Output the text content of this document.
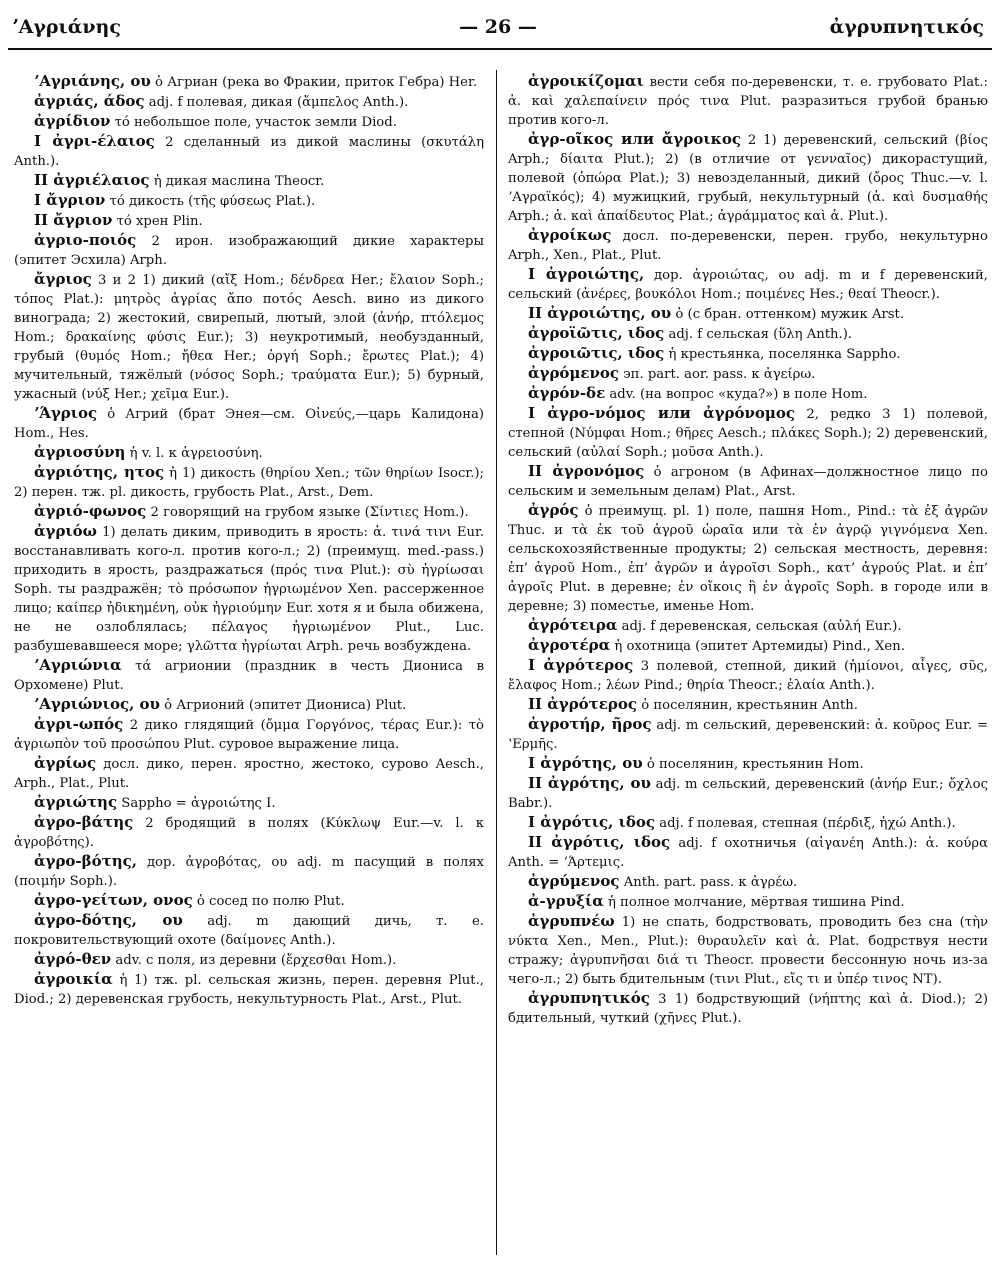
ʼΑγριάνης	— 26 —	ἀγρυπνητικός

ʼΑγριάνης, ου ὁ Агриан (река во Фракии, приток Гебра) Her.

ἀγριάς, άδος adj. f полевая, дикая (ἄμπελος Anth.).

ἀγρίδιον τό небольшое поле, участок земли Diod.

I ἀγρι-έλαιος 2 сделанный из дикой маслины (σκυτάλη Anth.).

II ἀγριέλαιος ἡ дикая маслина Theocr.

I ἄγριον τό дикость (τῆς φύσεως Plat.).

II ἄγριον τό хрен Plin.

ἀγριο-ποιός 2 ирон. изображающий дикие характеры (эпитет Эсхила) Arph.

ἄγριος 3 и 2 1) дикий (αἴξ Hom.; δένδρεα Her.; ἔλαιον Soph.; τόπος Plat.): μητρὸς ἀγρίας ἄπο ποτός Aesch. вино из дикого винограда; 2) жестокий, свирепый, лютый, злой (ἀνήρ, πτόλεμος Hom.; δρακαίνης φύσις Eur.); 3) неукротимый, необузданный, грубый (θυμός Hom.; ἤθεα Her.; ὀργή Soph.; ἔρωτες Plat.); 4) мучительный, тяжёлый (νόσος Soph.; τραύματα Eur.); 5) бурный, ужасный (νύξ Her.; χεῖμα Eur.).

ʼΆγριος ὁ Агрий (брат Энея—см. Οἰνεύς,—царь Калидона) Hom., Hes.

ἀγριοσύνη ἡ v. l. к ἀγρειοσύνη.

ἀγριότης, ητος ἡ 1) дикость (θηρίου Xen.; τῶν θηρίων Isocr.); 2) перен. тж. pl. дикость, грубость Plat., Arst., Dem.

ἀγριό-φωνος 2 говорящий на грубом языке (Σίντιες Hom.).

ἀγριόω 1) делать диким, приводить в ярость: ἀ. τινά τινι Eur. восстанавливать кого-л. против кого-л.; 2) (преимущ. med.-pass.) приходить в ярость, раздражаться (πρός τινα Plut.): σὺ ἠγρίωσαι Soph. ты раздражён; τὸ πρόσωπον ἠγριωμένον Xen. рассерженное лицо; καίπερ ἠδικημένη, οὐκ ἠγριούμην Eur. хотя я и была обижена, не не озлоблялась; πέλαγος ἠγριωμένον Plut., Luc. разбушевавшееся море; γλῶττα ἠγρίωται Arph. речь возбуждена.

ʼΑγριώνια τά агрионии (праздник в честь Диониса в Орхомене) Plut.

ʼΑγριώνιος, ου ὁ Агрионий (эпитет Диониса) Plut.

ἀγρι-ωπός 2 дико глядящий (ὄμμα Γοργόνος, τέρας Eur.): τὸ ἀγριωπὸν τοῦ προσώπου Plut. суровое выражение лица.

ἀγρίως досл. дико, перен. яростно, жестоко, сурово Aesch., Arph., Plat., Plut.

ἀγριώτης Sappho = ἀγροιώτης I.

ἀγρο-βάτης 2 бродящий в полях (Κύκλωψ Eur.—v. l. к ἀγροβότης).

ἀγρο-βότης, дор. ἀγροβότας, ου adj. m пасущий в полях (ποιμήν Soph.).

ἀγρο-γείτων, ονος ὁ сосед по полю Plut.

ἀγρο-δότης, ου adj. m дающий дичь, т. е. покровительствующий охоте (δαίμονες Anth.).

ἀγρό-θεν adv. с поля, из деревни (ἔρχεσθαι Hom.).

ἀγροικία ἡ 1) тж. pl. сельская жизнь, перен. деревня Plut., Diod.; 2) деревенская грубость, некультурность Plat., Arst., Plut.

ἀγροικίζομαι вести себя по-деревенски, т. е. грубовато Plat.: ἀ. καὶ χαλεπαίνειν πρός τινα Plut. разразиться грубой бранью против кого-л.

ἀγρ-οῖκος или ἄγροικος 2 1) деревенский, сельский (βίος Arph.; δίαιτα Plut.); 2) (в отличие от γενναῖος) дикорастущий, полевой (ὀπώρα Plat.); 3) невозделанный, дикий (ὄρος Thuc.—v. l. ʼΑγραϊκός); 4) мужицкий, грубый, некультурный (ἀ. καὶ δυσμαθής Arph.; ἀ. καὶ ἀπαίδευτος Plat.; ἀγράμματος καὶ ἀ. Plut.).

ἀγροίκως досл. по-деревенски, перен. грубо, некультурно Arph., Xen., Plat., Plut.

I ἀγροιώτης, дор. ἀγροιώτας, ου adj. m и f деревенский, сельский (ἀνέρες, βουκόλοι Hom.; ποιμένες Hes.; θεαί Theocr.).

II ἀγροιώτης, ου ὁ (с бран. оттенком) мужик Arst.

ἀγροϊῶτις, ιδος adj. f сельская (ὕλη Anth.).

ἀγροιῶτις, ιδος ἡ крестьянка, поселянка Sappho.

ἀγρόμενος эп. part. aor. pass. к ἀγείρω.

ἀγρόν-δε adv. (на вопрос «куда?») в поле Hom.

I ἀγρο-νόμος или ἀγρόνομος 2, редко 3 1) полевой, степной (Νύμφαι Hom.; θῆρες Aesch.; πλάκες Soph.); 2) деревенский, сельский (αὐλαί Soph.; μοῦσα Anth.).

II ἀγρονόμος ὁ агроном (в Афинах—должностное лицо по сельским и земельным делам) Plat., Arst.

ἀγρός ὁ преимущ. pl. 1) поле, пашня Hom., Pind.: τὰ ἐξ ἀγρῶν Thuc. и τὰ ἐκ τοῦ ἀγροῦ ὡραῖα или τὰ ἐν ἀγρῷ γιγνόμενα Xen. сельскохозяйственные продукты; 2) сельская местность, деревня: ἐπ’ ἀγροῦ Hom., ἐπ’ ἀγρῶν и ἀγροῖσι Soph., κατ’ ἀγρούς Plat. и ἐπ’ ἀγροῖς Plut. в деревне; ἐν οἴκοις ἢ ἐν ἀγροῖς Soph. в городе или в деревне; 3) поместье, именье Hom.

ἀγρότειρα adj. f деревенская, сельская (αὐλή Eur.).

ἀγροτέρα ἡ охотница (эпитет Артемиды) Pind., Xen.

I ἀγρότερος 3 полевой, степной, дикий (ἡμίονοι, αἶγες, σῦς, ἔλαφος Hom.; λέων Pind.; θηρία Theocr.; ἐλαία Anth.).

II ἀγρότερος ὁ поселянин, крестьянин Anth.

ἀγροτήρ, ῆρος adj. m сельский, деревенский: ἀ. κοῦρος Eur. = ʽΕρμῆς.

I ἀγρότης, ου ὁ поселянин, крестьянин Hom.

II ἀγρότης, ου adj. m сельский, деревенский (ἀνήρ Eur.; ὄχλος Babr.).

I ἀγρότις, ιδος adj. f полевая, степная (πέρδιξ, ἠχώ Anth.).

II ἀγρότις, ιδος adj. f охотничья (αἰγανέη Anth.): ἀ. κούρα Anth. = ʼΆρτεμις.

ἀγρύμενος Anth. part. pass. к ἀγρέω.

ἀ-γρυξία ἡ полное молчание, мёртвая тишина Pind.

ἀγρυπνέω 1) не спать, бодрствовать, проводить без сна (τὴν νύκτα Xen., Men., Plut.): θυραυλεῖν καὶ ἀ. Plat. бодрствуя нести стражу; ἀγρυπνῆσαι διά τι Theocr. провести бессонную ночь из-за чего-л.; 2) быть бдительным (τινι Plut., εἴς τι и ὑπέρ τινος NT).

ἀγρυπνητικός 3 1) бодрствующий (νήπτης καὶ ἀ. Diod.); 2) бдительный, чуткий (χῆνες Plut.).
